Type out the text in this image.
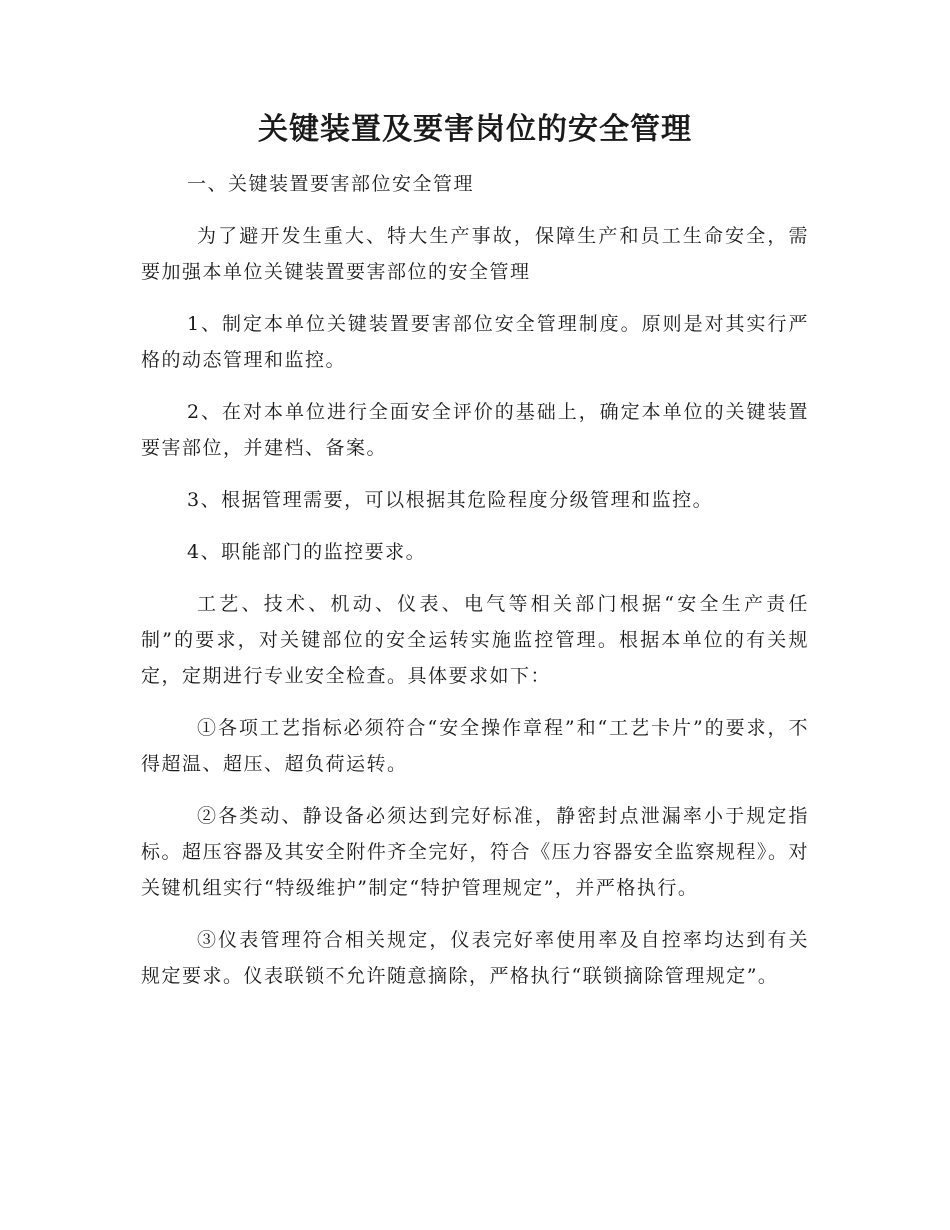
关键装置及要害岗位的安全管理
一、关键装置要害部位安全管理

为了避开发生重大、特大生产事故，保障生产和员工生命安全，需要加强本单位关键装置要害部位的安全管理

1、制定本单位关键装置要害部位安全管理制度。原则是对其实行严格的动态管理和监控。

2、在对本单位进行全面安全评价的基础上，确定本单位的关键装置要害部位，并建档、备案。

3、根据管理需要，可以根据其危险程度分级管理和监控。

4、职能部门的监控要求。

工艺、技术、机动、仪表、电气等相关部门根据“安全生产责任制”的要求，对关键部位的安全运转实施监控管理。根据本单位的有关规定，定期进行专业安全检查。具体要求如下：

①各项工艺指标必须符合“安全操作章程”和“工艺卡片”的要求，不得超温、超压、超负荷运转。

②各类动、静设备必须达到完好标准，静密封点泄漏率小于规定指标。超压容器及其安全附件齐全完好，符合《压力容器安全监察规程》。对关键机组实行“特级维护”制定“特护管理规定”，并严格执行。

③仪表管理符合相关规定，仪表完好率使用率及自控率均达到有关规定要求。仪表联锁不允许随意摘除，严格执行“联锁摘除管理规定”。
